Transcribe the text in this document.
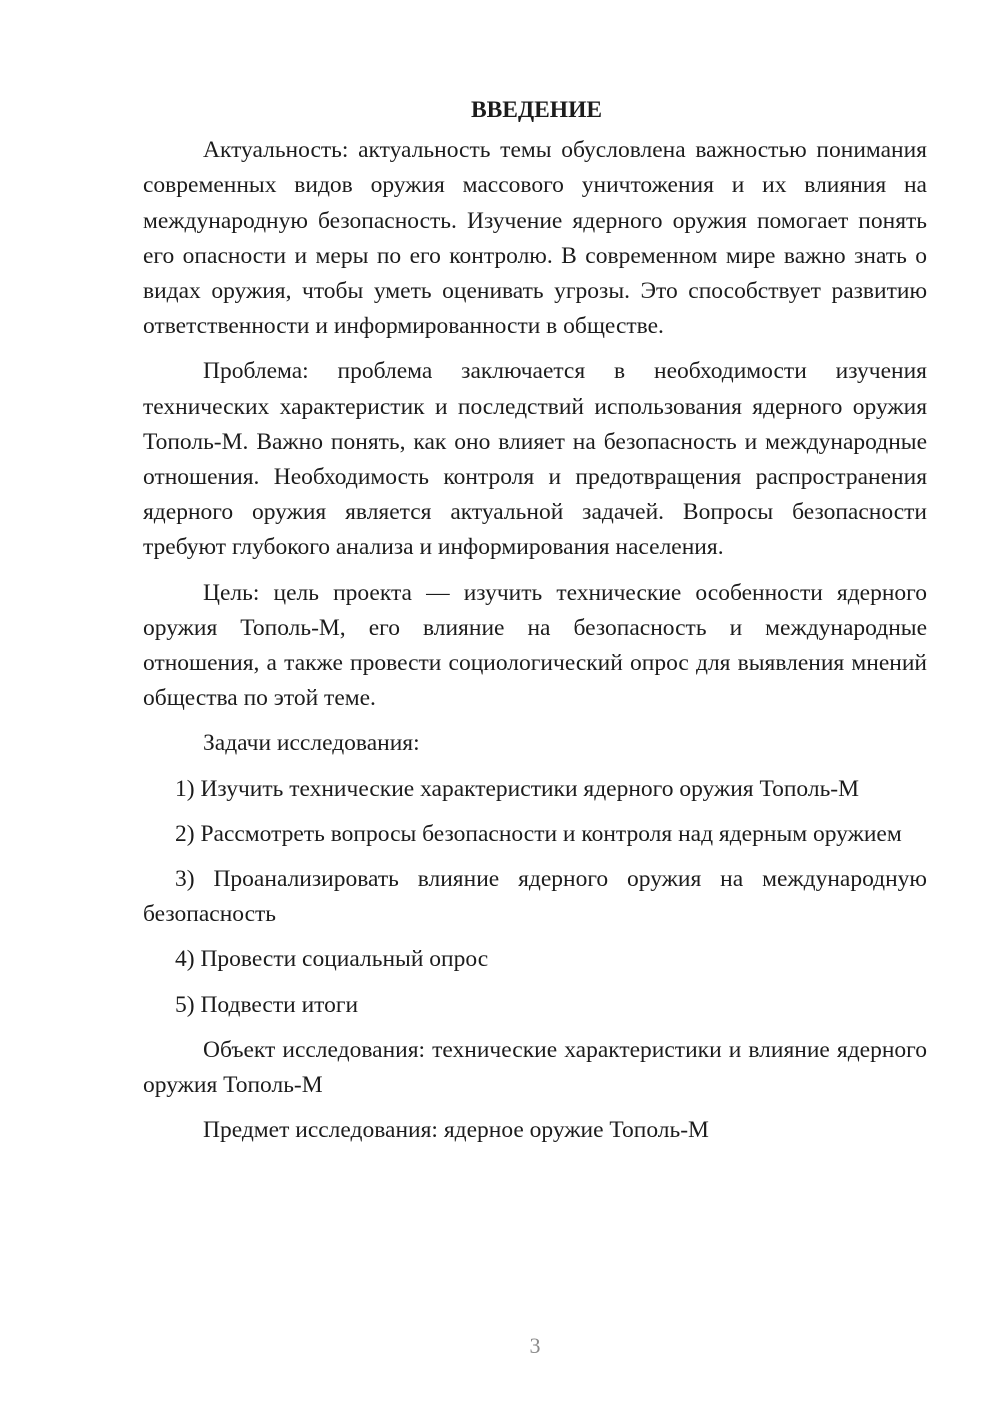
ВВЕДЕНИЕ

Актуальность: актуальность темы обусловлена важностью понимания современных видов оружия массового уничтожения и их влияния на международную безопасность. Изучение ядерного оружия помогает понять его опасности и меры по его контролю. В современном мире важно знать о видах оружия, чтобы уметь оценивать угрозы. Это способствует развитию ответственности и информированности в обществе.

Проблема: проблема заключается в необходимости изучения технических характеристик и последствий использования ядерного оружия Тополь-М. Важно понять, как оно влияет на безопасность и международные отношения. Необходимость контроля и предотвращения распространения ядерного оружия является актуальной задачей. Вопросы безопасности требуют глубокого анализа и информирования населения.

Цель: цель проекта — изучить технические особенности ядерного оружия Тополь-М, его влияние на безопасность и международные отношения, а также провести социологический опрос для выявления мнений общества по этой теме.

Задачи исследования:

1) Изучить технические характеристики ядерного оружия Тополь-М

2) Рассмотреть вопросы безопасности и контроля над ядерным оружием

3) Проанализировать влияние ядерного оружия на международную безопасность

4) Провести социальный опрос

5) Подвести итоги

Объект исследования: технические характеристики и влияние ядерного оружия Тополь-М

Предмет исследования: ядерное оружие Тополь-М

3
